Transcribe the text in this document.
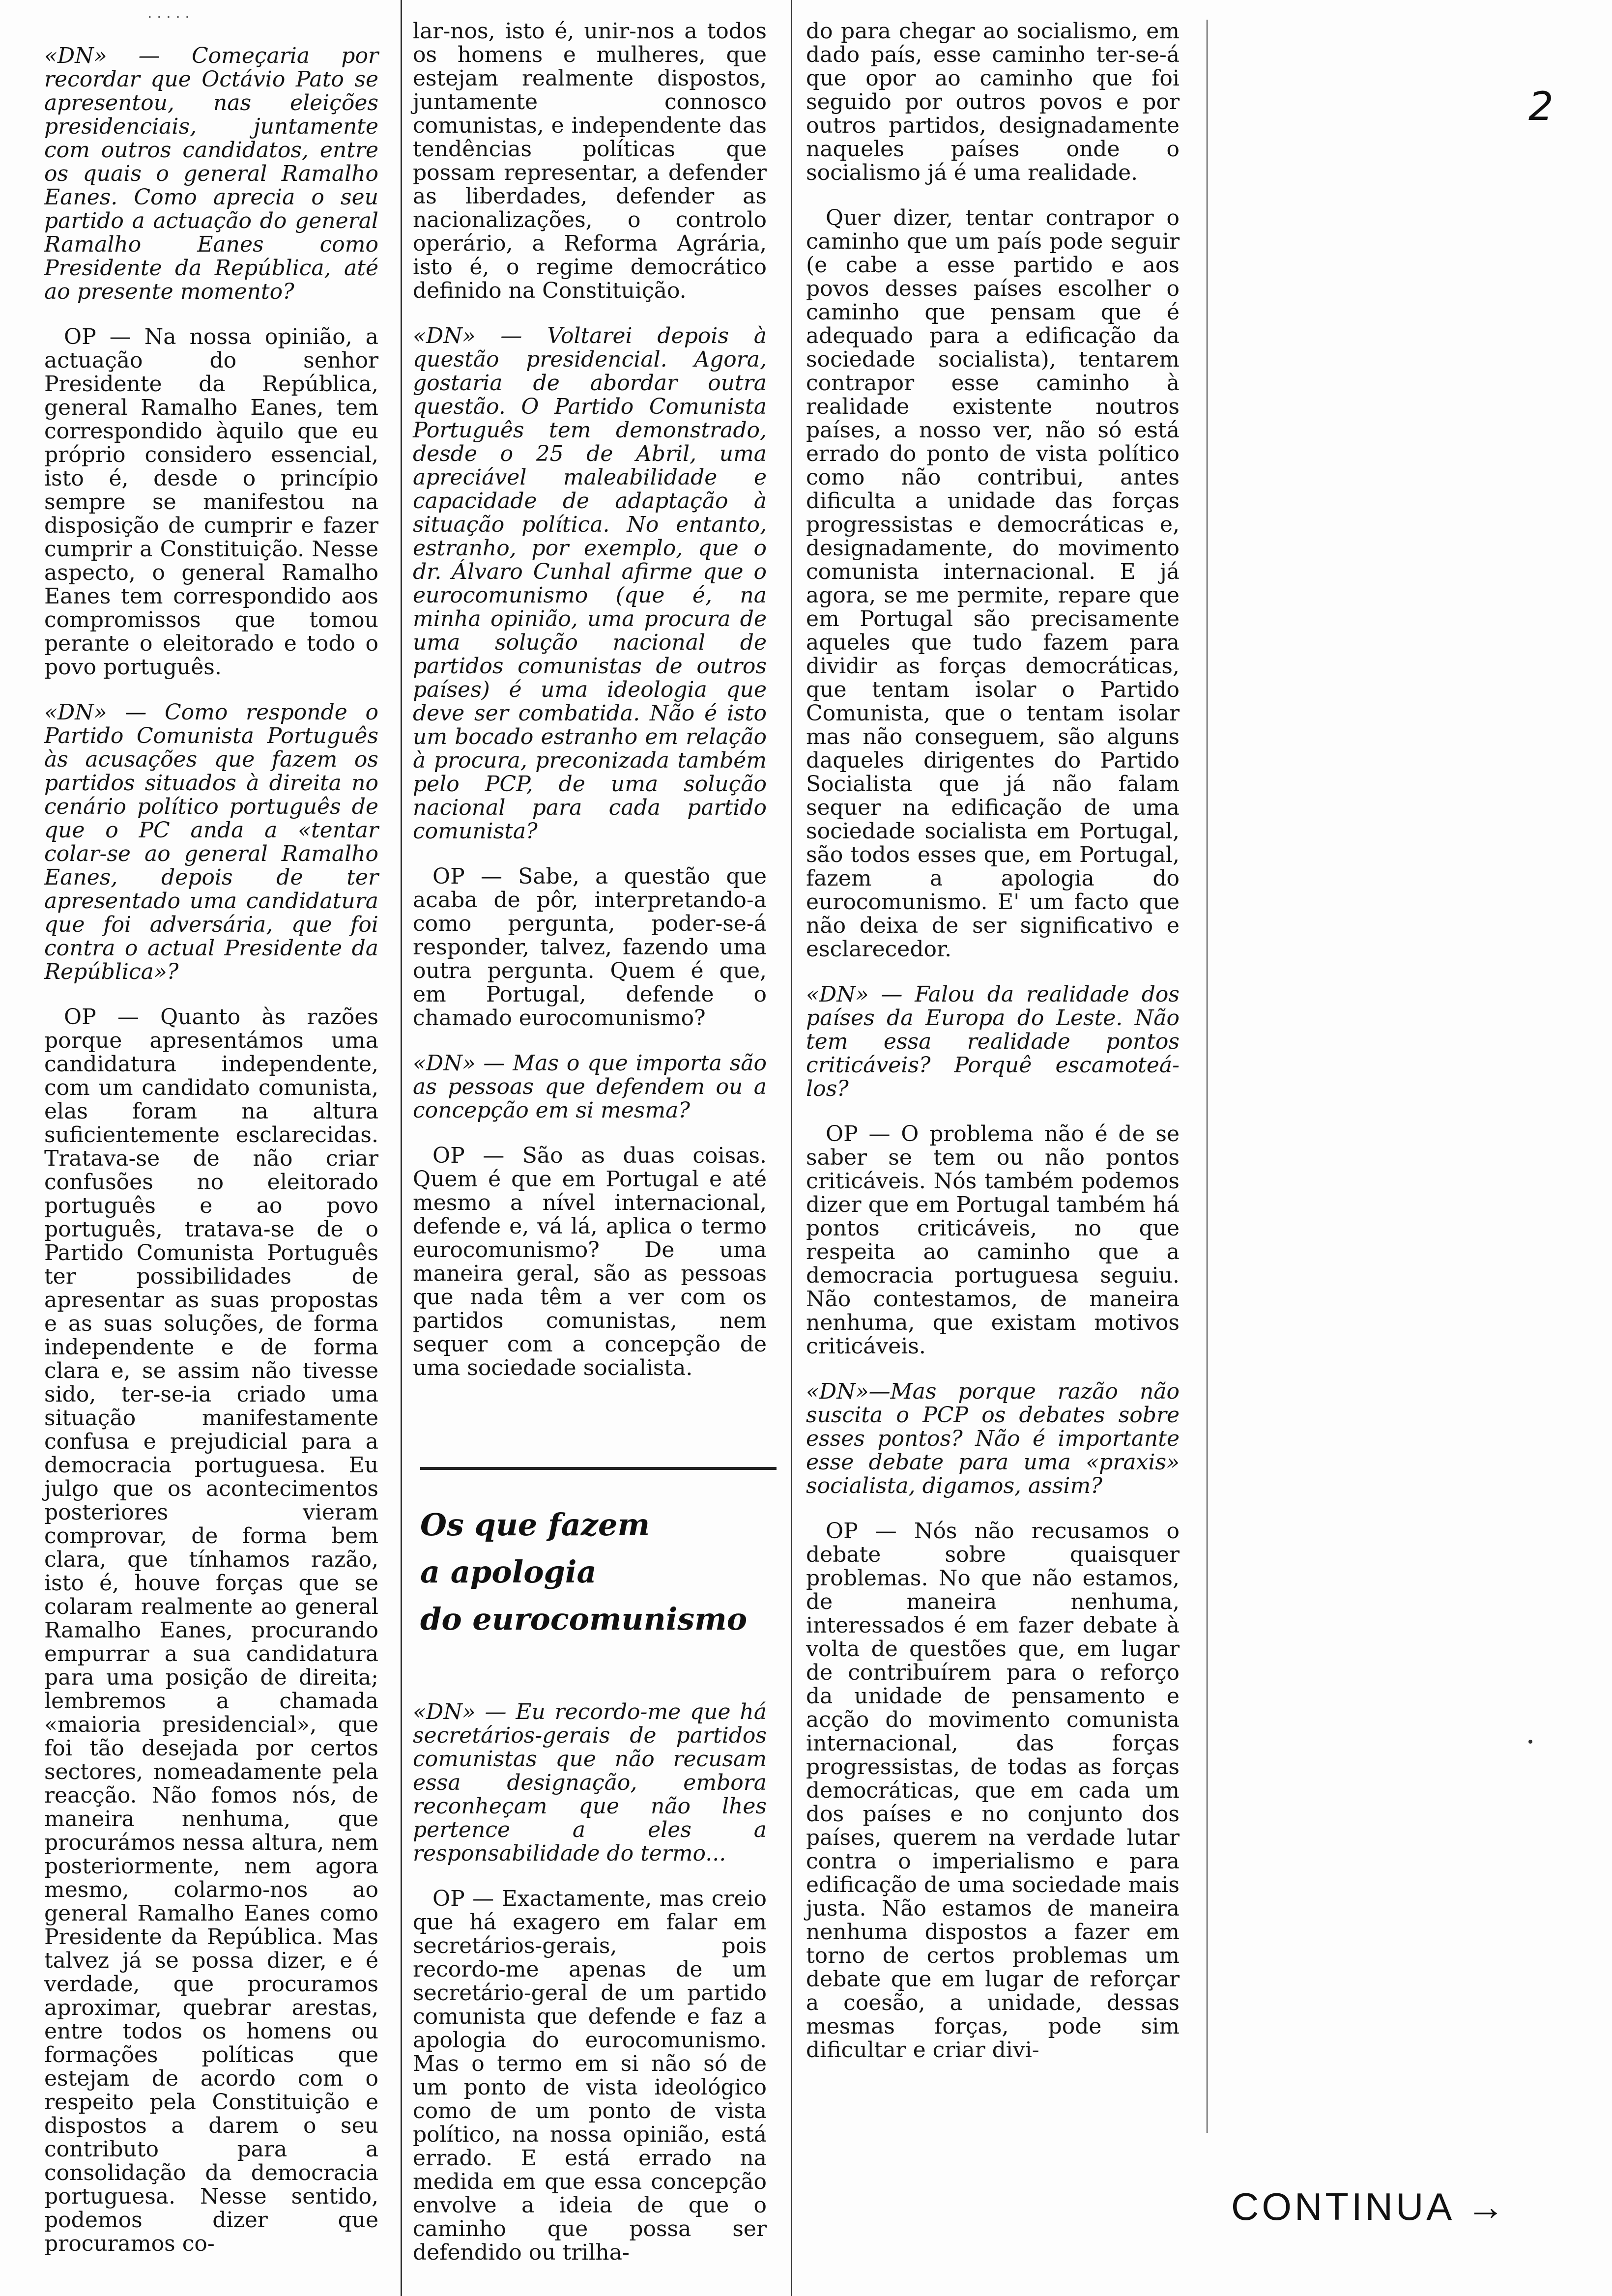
· · · · ·

«DN» — Começaria por recordar que Octávio Pato se apresentou, nas eleições presidenciais, juntamente com outros candidatos, entre os quais o general Ramalho Eanes. Como aprecia o seu partido a actuação do general Ramalho Eanes como Presidente da República, até ao presente momento?

OP — Na nossa opinião, a actuação do senhor Presidente da República, general Ramalho Eanes, tem correspondido àquilo que eu próprio considero essencial, isto é, desde o princípio sempre se manifestou na disposição de cumprir e fazer cumprir a Constituição. Nesse aspecto, o general Ramalho Eanes tem correspondido aos compromissos que tomou perante o eleitorado e todo o povo português.

«DN» — Como responde o Partido Comunista Português às acusações que fazem os partidos situados à direita no cenário político português de que o PC anda a «tentar colar-se ao general Ramalho Eanes, depois de ter apresentado uma candidatura que foi adversária, que foi contra o actual Presidente da República»?

OP — Quanto às razões porque apresentámos uma candidatura independente, com um candidato comunista, elas foram na altura suficientemente esclarecidas. Tratava-se de não criar confusões no eleitorado português e ao povo português, tratava-se de o Partido Comunista Português ter possibilidades de apresentar as suas propostas e as suas soluções, de forma independente e de forma clara e, se assim não tivesse sido, ter-se-ia criado uma situação manifestamente confusa e prejudicial para a democracia portuguesa. Eu julgo que os acontecimentos posteriores vieram comprovar, de forma bem clara, que tínhamos razão, isto é, houve forças que se colaram realmente ao general Ramalho Eanes, procurando empurrar a sua candidatura para uma posição de direita; lembremos a chamada «maioria presidencial», que foi tão desejada por certos sectores, nomeadamente pela reacção. Não fomos nós, de maneira nenhuma, que procurámos nessa altura, nem posteriormente, nem agora mesmo, colarmo-nos ao general Ramalho Eanes como Presidente da República. Mas talvez já se possa dizer, e é verdade, que procuramos aproximar, quebrar arestas, entre todos os homens ou formações políticas que estejam de acordo com o respeito pela Constituição e dispostos a darem o seu contributo para a consolidação da democracia portuguesa. Nesse sentido, podemos dizer que procuramos co-

lar-nos, isto é, unir-nos a todos os homens e mulheres, que estejam realmente dispostos, juntamente connosco comunistas, e independente das tendências políticas que possam representar, a defender as liberdades, defender as nacionalizações, o controlo operário, a Reforma Agrária, isto é, o regime democrático definido na Constituição.

«DN» — Voltarei depois à questão presidencial. Agora, gostaria de abordar outra questão. O Partido Comunista Português tem demonstrado, desde o 25 de Abril, uma apreciável maleabilidade e capacidade de adaptação à situação política. No entanto, estranho, por exemplo, que o dr. Álvaro Cunhal afirme que o eurocomunismo (que é, na minha opinião, uma procura de uma solução nacional de partidos comunistas de outros países) é uma ideologia que deve ser combatida. Não é isto um bocado estranho em relação à procura, preconizada também pelo PCP, de uma solução nacional para cada partido comunista?

OP — Sabe, a questão que acaba de pôr, interpretando-a como pergunta, poder-se-á responder, talvez, fazendo uma outra pergunta. Quem é que, em Portugal, defende o chamado eurocomunismo?

«DN» — Mas o que importa são as pessoas que defendem ou a concepção em si mesma?

OP — São as duas coisas. Quem é que em Portugal e até mesmo a nível internacional, defende e, vá lá, aplica o termo eurocomunismo? De uma maneira geral, são as pessoas que nada têm a ver com os partidos comunistas, nem sequer com a concepção de uma sociedade socialista.

Os que fazem
a apologia
do eurocomunismo

«DN» — Eu recordo-me que há secretários-gerais de partidos comunistas que não recusam essa designação, embora reconheçam que não lhes pertence a eles a responsabilidade do termo...

OP — Exactamente, mas creio que há exagero em falar em secretários-gerais, pois recordo-me apenas de um secretário-geral de um partido comunista que defende e faz a apologia do eurocomunismo. Mas o termo em si não só de um ponto de vista ideológico como de um ponto de vista político, na nossa opinião, está errado. E está errado na medida em que essa concepção envolve a ideia de que o caminho que possa ser defendido ou trilha-

do para chegar ao socialismo, em dado país, esse caminho ter-se-á que opor ao caminho que foi seguido por outros povos e por outros partidos, designadamente naqueles países onde o socialismo já é uma realidade.

Quer dizer, tentar contrapor o caminho que um país pode seguir (e cabe a esse partido e aos povos desses países escolher o caminho que pensam que é adequado para a edificação da sociedade socialista), tentarem contrapor esse caminho à realidade existente noutros países, a nosso ver, não só está errado do ponto de vista político como não contribui, antes dificulta a unidade das forças progressistas e democráticas e, designadamente, do movimento comunista internacional. E já agora, se me permite, repare que em Portugal são precisamente aqueles que tudo fazem para dividir as forças democráticas, que tentam isolar o Partido Comunista, que o tentam isolar mas não conseguem, são alguns daqueles dirigentes do Partido Socialista que já não falam sequer na edificação de uma sociedade socialista em Portugal, são todos esses que, em Portugal, fazem a apologia do eurocomunismo. E' um facto que não deixa de ser significativo e esclarecedor.

«DN» — Falou da realidade dos países da Europa do Leste. Não tem essa realidade pontos criticáveis? Porquê escamoteá-los?

OP — O problema não é de se saber se tem ou não pontos criticáveis. Nós também podemos dizer que em Portugal também há pontos criticáveis, no que respeita ao caminho que a democracia portuguesa seguiu. Não contestamos, de maneira nenhuma, que existam motivos criticáveis.

«DN»—Mas porque razão não suscita o PCP os debates sobre esses pontos? Não é importante esse debate para uma «praxis» socialista, digamos, assim?

OP — Nós não recusamos o debate sobre quaisquer problemas. No que não estamos, de maneira nenhuma, interessados é em fazer debate à volta de questões que, em lugar de contribuírem para o reforço da unidade de pensamento e acção do movimento comunista internacional, das forças progressistas, de todas as forças democráticas, que em cada um dos países e no conjunto dos países, querem na verdade lutar contra o imperialismo e para edificação de uma sociedade mais justa. Não estamos de maneira nenhuma dispostos a fazer em torno de certos problemas um debate que em lugar de reforçar a coesão, a unidade, dessas mesmas forças, pode sim dificultar e criar divi-

2
CONTINUA →
